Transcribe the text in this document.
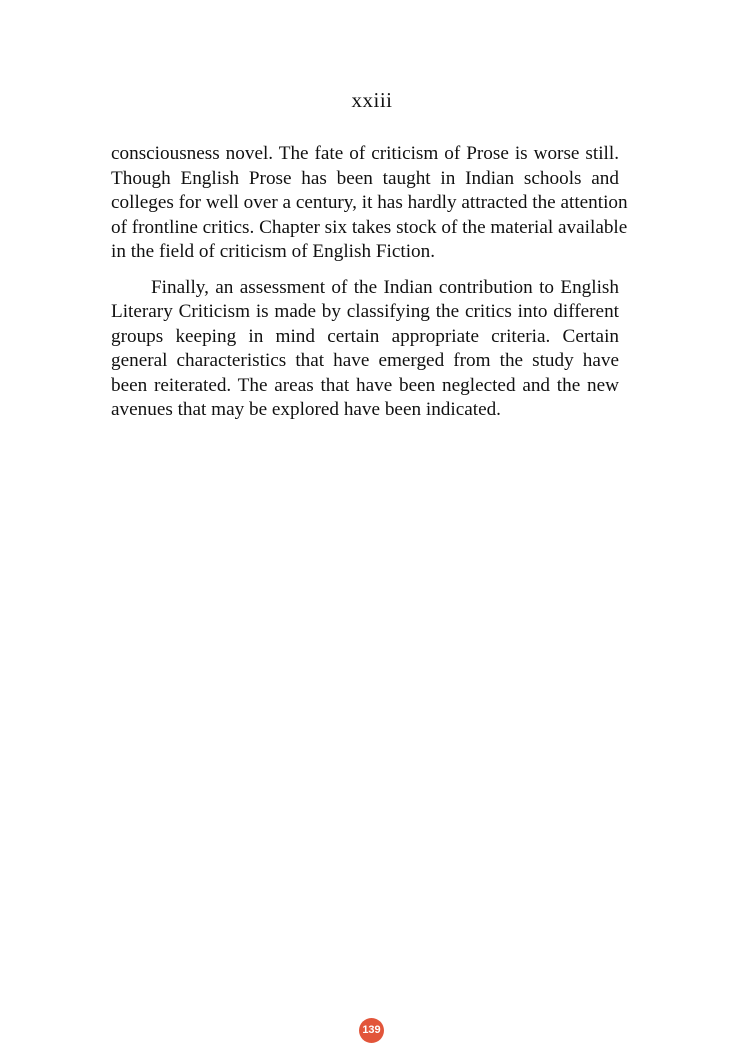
xxiii

consciousness novel. The fate of criticism of Prose is worse still.
Though English Prose has been taught in Indian schools and
colleges for well over a century, it has hardly attracted the attention
of frontline critics. Chapter six takes stock of the material available
in the field of criticism of English Fiction.

Finally, an assessment of the Indian contribution to English
Literary Criticism is made by classifying the critics into different
groups keeping in mind certain appropriate criteria. Certain
general characteristics that have emerged from the study have
been reiterated. The areas that have been neglected and the new
avenues that may be explored have been indicated.

139
